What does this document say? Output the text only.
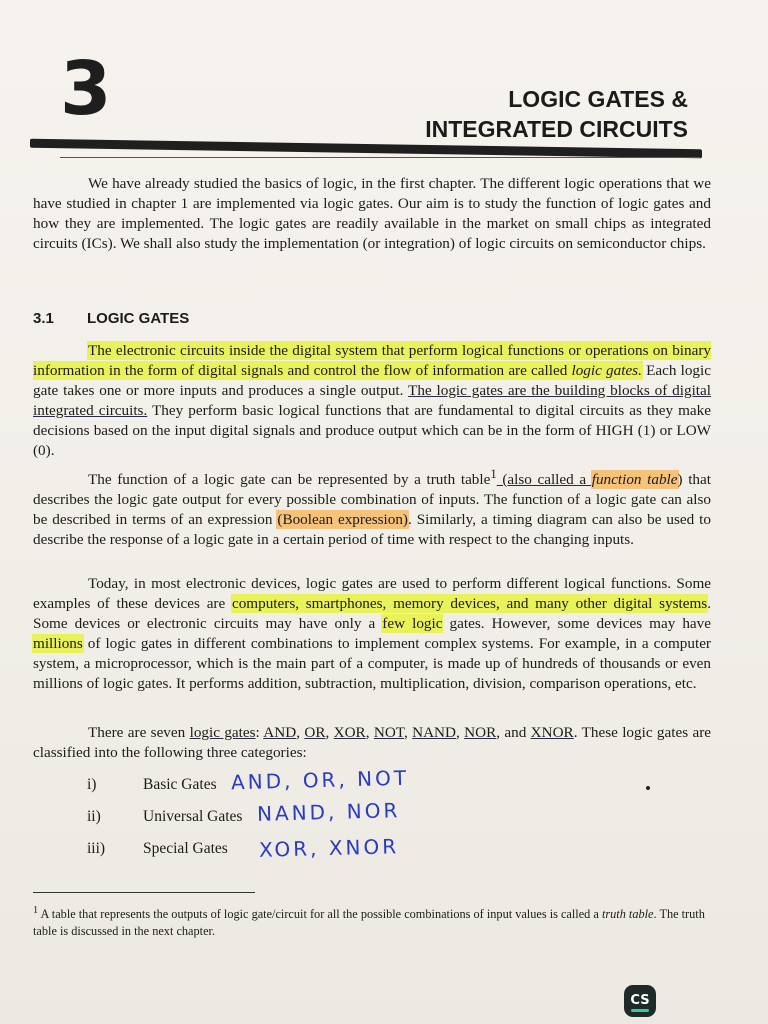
3	LOGIC GATES &
INTEGRATED CIRCUITS

We have already studied the basics of logic, in the first chapter. The different logic operations that we have studied in chapter 1 are implemented via logic gates. Our aim is to study the function of logic gates and how they are implemented. The logic gates are readily available in the market on small chips as integrated circuits (ICs). We shall also study the implementation (or integration) of logic circuits on semiconductor chips.

3.1 LOGIC GATES

The electronic circuits inside the digital system that perform logical functions or operations on binary information in the form of digital signals and control the flow of information are called logic gates. Each logic gate takes one or more inputs and produces a single output. The logic gates are the building blocks of digital integrated circuits. They perform basic logical functions that are fundamental to digital circuits as they make decisions based on the input digital signals and produce output which can be in the form of HIGH (1) or LOW (0).

The function of a logic gate can be represented by a truth table$^1$ (also called a function table) that describes the logic gate output for every possible combination of inputs. The function of a logic gate can also be described in terms of an expression (Boolean expression). Similarly, a timing diagram can also be used to describe the response of a logic gate in a certain period of time with respect to the changing inputs.

Today, in most electronic devices, logic gates are used to perform different logical functions. Some examples of these devices are computers, smartphones, memory devices, and many other digital systems. Some devices or electronic circuits may have only a few logic gates. However, some devices may have millions of logic gates in different combinations to implement complex systems. For example, in a computer system, a microprocessor, which is the main part of a computer, is made up of hundreds of thousands or even millions of logic gates. It performs addition, subtraction, multiplication, division, comparison operations, etc.

There are seven logic gates: AND, OR, XOR, NOT, NAND, NOR, and XNOR. These logic gates are classified into the following three categories:

i)	Basic Gates AND, OR, NOT
ii)	Universal Gates NAND, NOR
iii) Special Gates XOR, XNOR
$^1$ A table that represents the outputs of logic gate/circuit for all the possible combinations of input values is called a truth table. The truth table is discussed in the next chapter.
CS
